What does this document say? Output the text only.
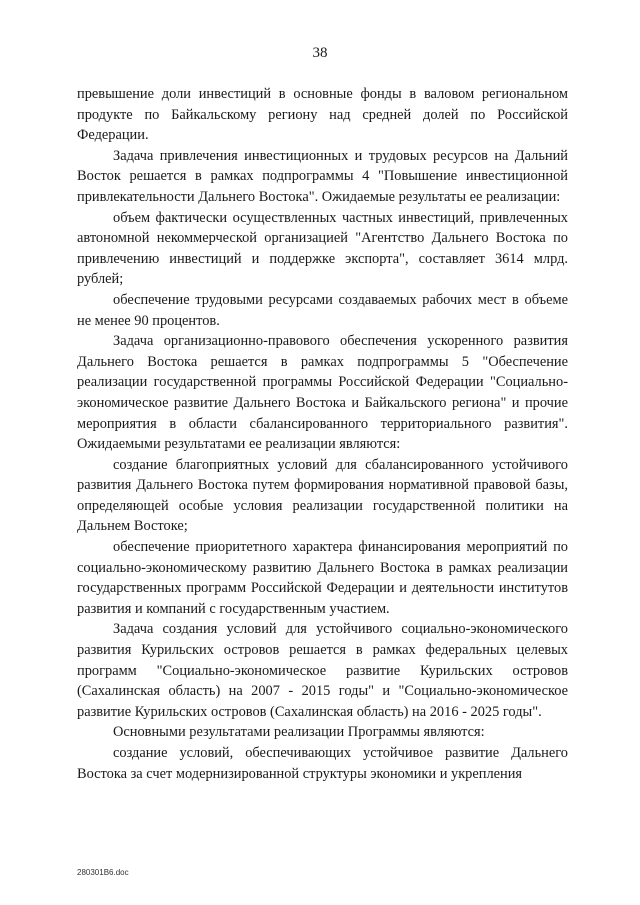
38

превышение доли инвестиций в основные фонды в валовом региональном продукте по Байкальскому региону над средней долей по Российской Федерации.

Задача привлечения инвестиционных и трудовых ресурсов на Дальний Восток решается в рамках подпрограммы 4 "Повышение инвестиционной привлекательности Дальнего Востока". Ожидаемые результаты ее реализации:

объем фактически осуществленных частных инвестиций, привлеченных автономной некоммерческой организацией "Агентство Дальнего Востока по привлечению инвестиций и поддержке экспорта", составляет 3614 млрд. рублей;

обеспечение трудовыми ресурсами создаваемых рабочих мест в объеме не менее 90 процентов.

Задача организационно-правового обеспечения ускоренного развития Дальнего Востока решается в рамках подпрограммы 5 "Обеспечение реализации государственной программы Российской Федерации "Социально-экономическое развитие Дальнего Востока и Байкальского региона" и прочие мероприятия в области сбалансированного территориального развития". Ожидаемыми результатами ее реализации являются:

создание благоприятных условий для сбалансированного устойчивого развития Дальнего Востока путем формирования нормативной правовой базы, определяющей особые условия реализации государственной политики на Дальнем Востоке;

обеспечение приоритетного характера финансирования мероприятий по социально-экономическому развитию Дальнего Востока в рамках реализации государственных программ Российской Федерации и деятельности институтов развития и компаний с государственным участием.

Задача создания условий для устойчивого социально-экономического развития Курильских островов решается в рамках федеральных целевых программ "Социально-экономическое развитие Курильских островов (Сахалинская область) на 2007 - 2015 годы" и "Социально-экономическое развитие Курильских островов (Сахалинская область) на 2016 - 2025 годы".

Основными результатами реализации Программы являются:

создание условий, обеспечивающих устойчивое развитие Дальнего Востока за счет модернизированной структуры экономики и укрепления

280301B6.doc
